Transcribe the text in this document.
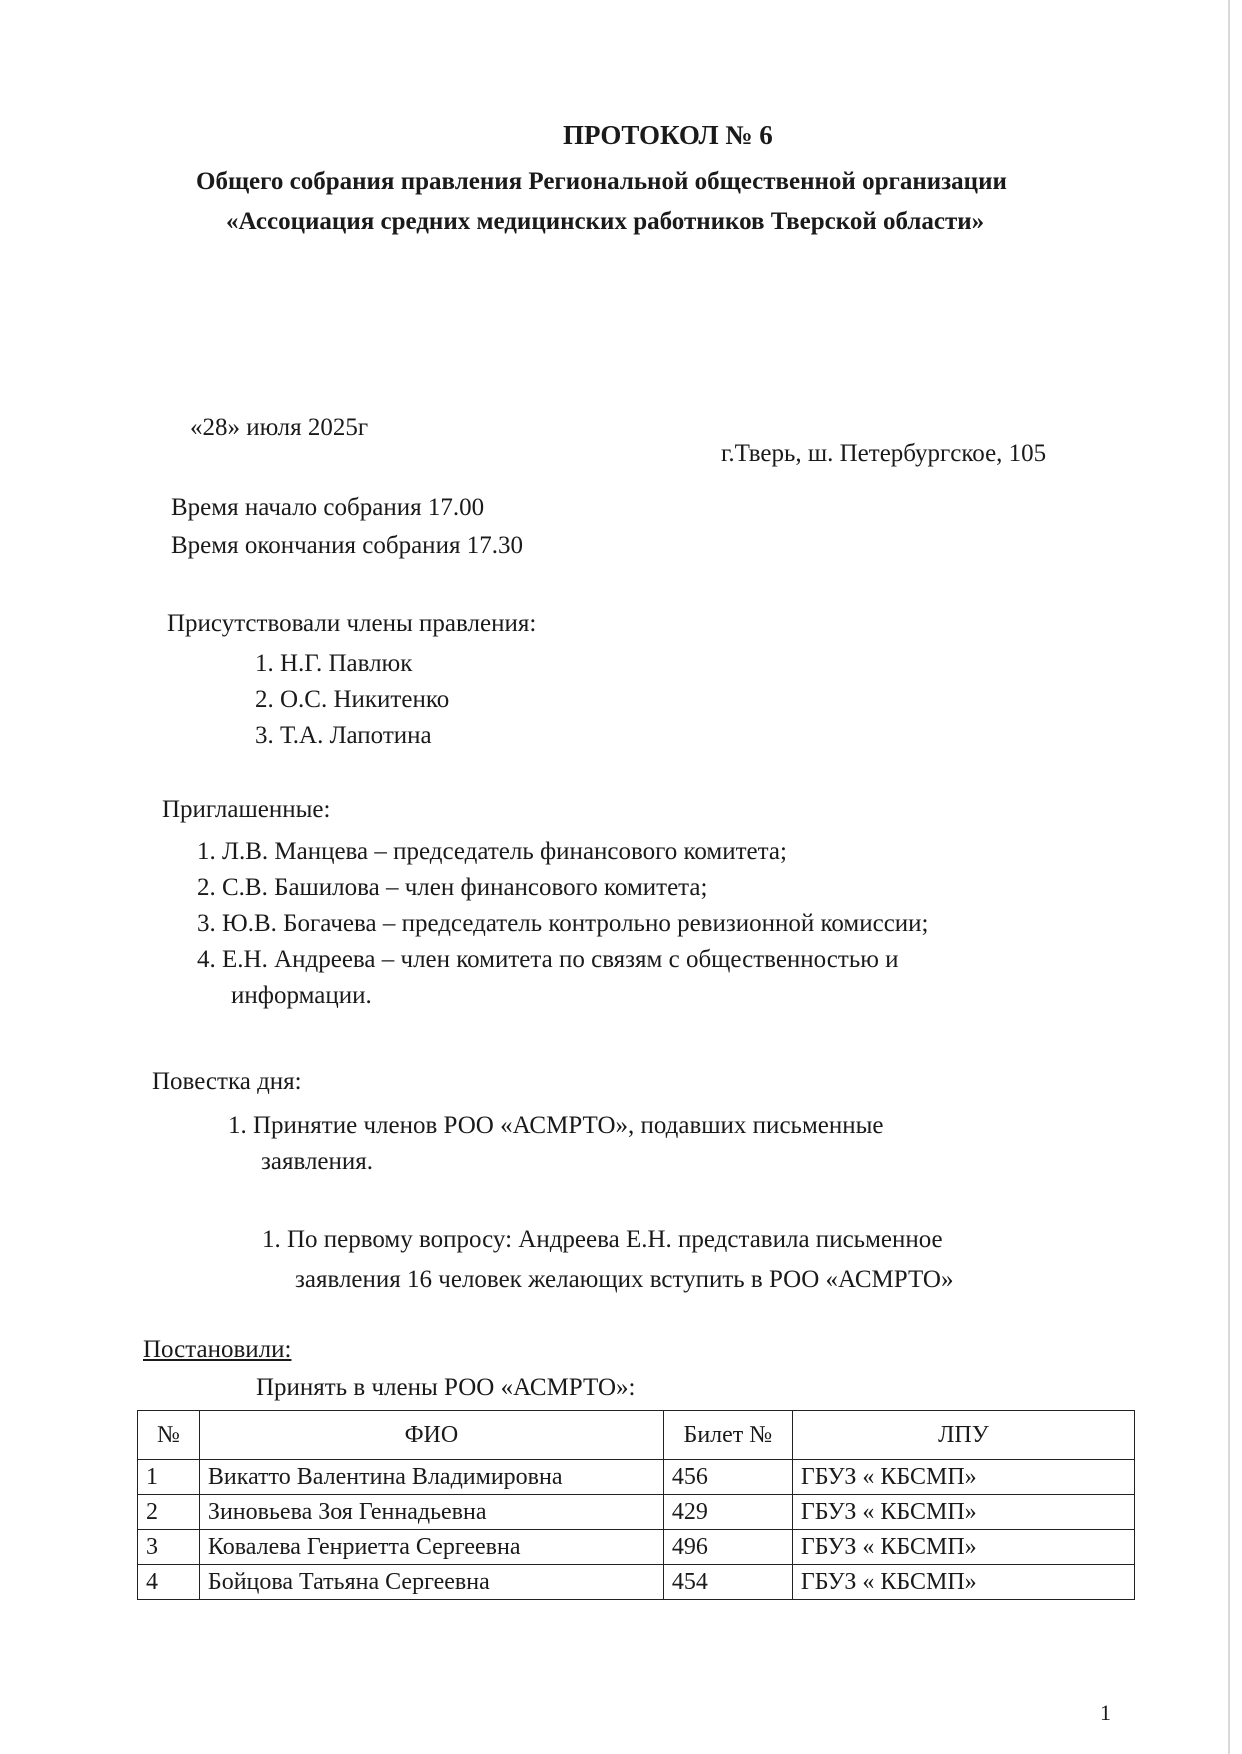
ПРОТОКОЛ № 6
Общего собрания правления Региональной общественной организации
«Ассоциация средних медицинских работников Тверской области»
«28» июля 2025г
г.Тверь, ш. Петербургское, 105
Время начало собрания 17.00
Время окончания собрания 17.30
Присутствовали члены правления:
1. Н.Г. Павлюк
2. О.С. Никитенко
3. Т.А. Лапотина
Приглашенные:
1. Л.В. Манцева – председатель финансового комитета;
2. С.В. Башилова – член финансового комитета;
3. Ю.В. Богачева – председатель контрольно ревизионной комиссии;
4. Е.Н. Андреева – член комитета по связям с общественностью и
информации.
Повестка дня:
1. Принятие членов РОО «АСМРТО», подавших письменные
заявления.
1. По первому вопросу: Андреева Е.Н. представила письменное
заявления 16 человек желающих вступить в РОО «АСМРТО»
Постановили:
Принять в члены РОО «АСМРТО»:
№	ФИО	Билет №	ЛПУ
1	Викатто Валентина Владимировна	456	ГБУЗ « КБСМП»
2	Зиновьева Зоя Геннадьевна	429	ГБУЗ « КБСМП»
3	Ковалева Генриетта Сергеевна	496	ГБУЗ « КБСМП»
4	Бойцова Татьяна Сергеевна	454	ГБУЗ « КБСМП»
1
